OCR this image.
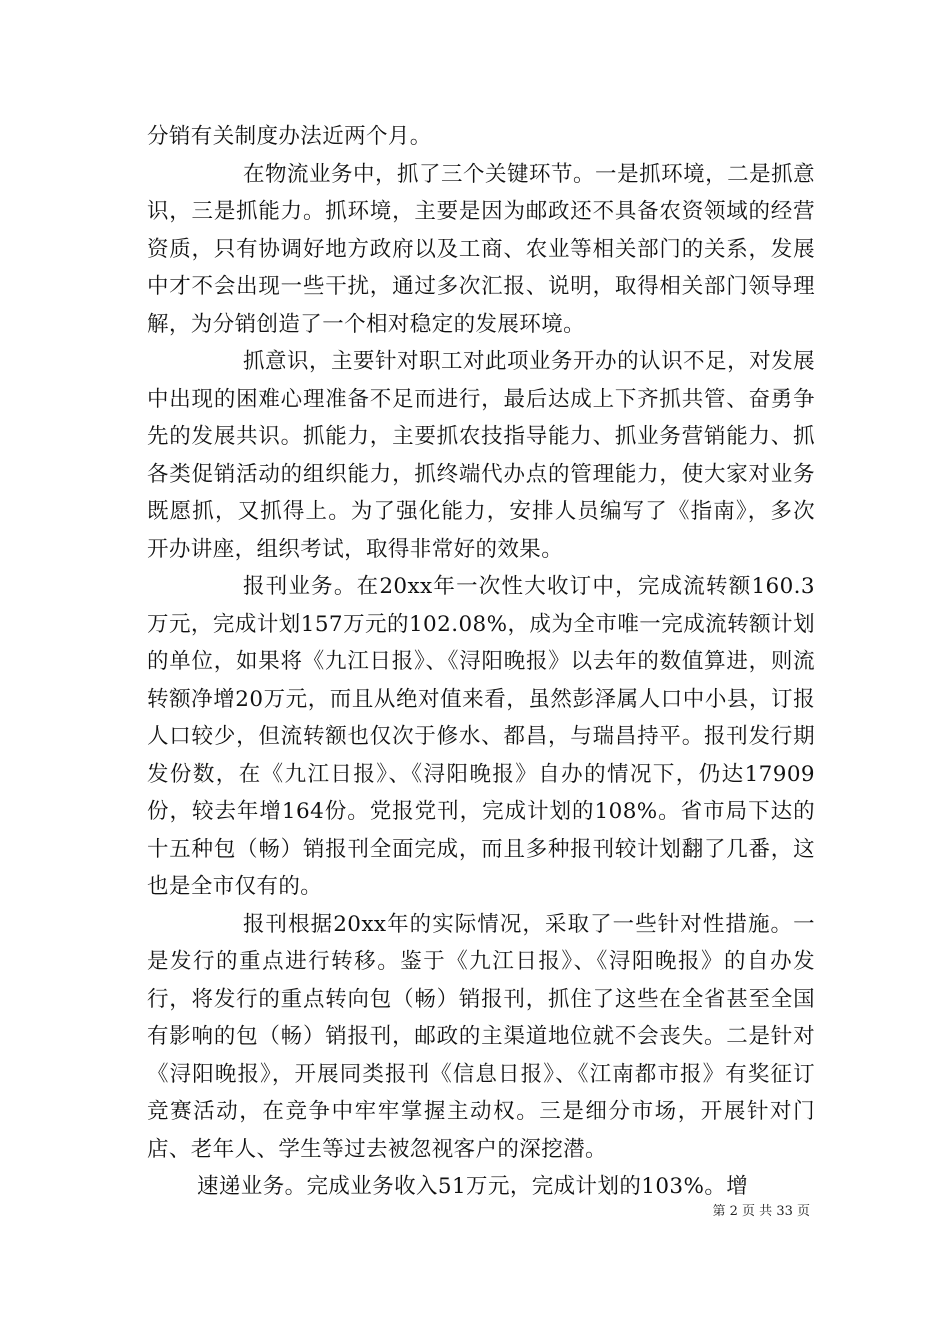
分销有关制度办法近两个月。

在物流业务中，抓了三个关键环节。一是抓环境，二是抓意识，三是抓能力。抓环境，主要是因为邮政还不具备农资领域的经营资质，只有协调好地方政府以及工商、农业等相关部门的关系，发展中才不会出现一些干扰，通过多次汇报、说明，取得相关部门领导理解，为分销创造了一个相对稳定的发展环境。

抓意识，主要针对职工对此项业务开办的认识不足，对发展中出现的困难心理准备不足而进行，最后达成上下齐抓共管、奋勇争先的发展共识。抓能力，主要抓农技指导能力、抓业务营销能力、抓各类促销活动的组织能力，抓终端代办点的管理能力，使大家对业务既愿抓，又抓得上。为了强化能力，安排人员编写了《指南》，多次开办讲座，组织考试，取得非常好的效果。

报刊业务。在20xx年一次性大收订中，完成流转额160.3万元，完成计划157万元的102.08%，成为全市唯一完成流转额计划的单位，如果将《九江日报》、《浔阳晚报》以去年的数值算进，则流转额净增20万元，而且从绝对值来看，虽然彭泽属人口中小县，订报人口较少，但流转额也仅次于修水、都昌，与瑞昌持平。报刊发行期发份数，在《九江日报》、《浔阳晚报》自办的情况下，仍达17909份，较去年增164份。党报党刊，完成计划的108%。省市局下达的十五种包（畅）销报刊全面完成，而且多种报刊较计划翻了几番，这也是全市仅有的。

报刊根据20xx年的实际情况，采取了一些针对性措施。一是发行的重点进行转移。鉴于《九江日报》、《浔阳晚报》的自办发行，将发行的重点转向包（畅）销报刊，抓住了这些在全省甚至全国有影响的包（畅）销报刊，邮政的主渠道地位就不会丧失。二是针对《浔阳晚报》，开展同类报刊《信息日报》、《江南都市报》有奖征订竞赛活动，在竞争中牢牢掌握主动权。三是细分市场，开展针对门店、老年人、学生等过去被忽视客户的深挖潜。

速递业务。完成业务收入51万元，完成计划的103%。增

第 2 页 共 33 页
